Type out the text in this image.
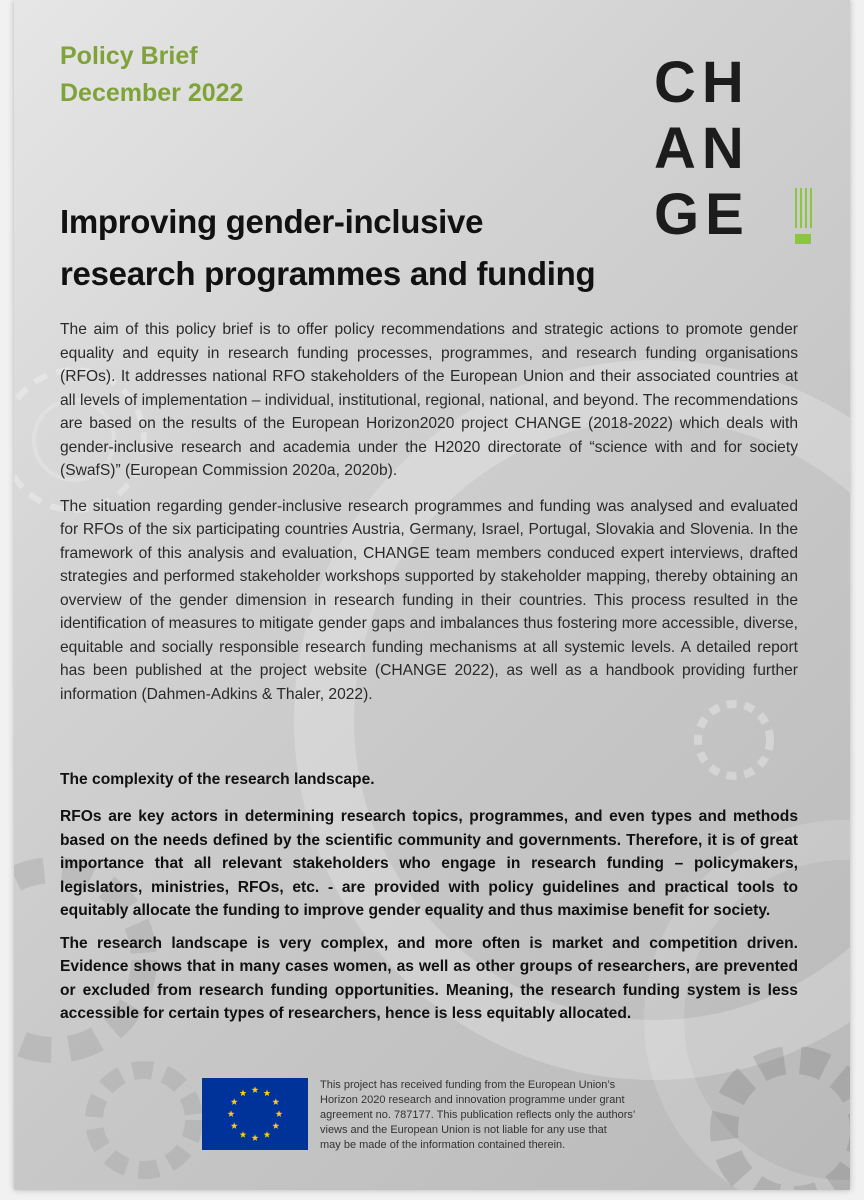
Policy Brief
December 2022	CH
AN
GE
Improving gender-inclusive
research programmes and funding

The aim of this policy brief is to offer policy recommendations and strategic actions to promote gender equality and equity in research funding processes, programmes, and research funding organisations (RFOs). It addresses national RFO stakeholders of the European Union and their associated countries at all levels of implementation – individual, institutional, regional, national, and beyond. The recommendations are based on the results of the European Horizon2020 project CHANGE (2018-2022) which deals with gender-inclusive research and academia under the H2020 directorate of “science with and for society (SwafS)” (European Commission 2020a, 2020b).

The situation regarding gender-inclusive research programmes and funding was analysed and evaluated for RFOs of the six participating countries Austria, Germany, Israel, Portugal, Slovakia and Slovenia. In the framework of this analysis and evaluation, CHANGE team members conduced expert interviews, drafted strategies and performed stakeholder workshops supported by stakeholder mapping, thereby obtaining an overview of the gender dimension in research funding in their countries. This process resulted in the identification of measures to mitigate gender gaps and imbalances thus fostering more accessible, diverse, equitable and socially responsible research funding mechanisms at all systemic levels. A detailed report has been published at the project website (CHANGE 2022), as well as a handbook providing further information (Dahmen-Adkins & Thaler, 2022).

The complexity of the research landscape.

RFOs are key actors in determining research topics, programmes, and even types and methods based on the needs defined by the scientific community and governments. Therefore, it is of great importance that all relevant stakeholders who engage in research funding – policymakers, legislators, ministries, RFOs, etc. - are provided with policy guidelines and practical tools to equitably allocate the funding to improve gender equality and thus maximise benefit for society.

The research landscape is very complex, and more often is market and competition driven. Evidence shows that in many cases women, as well as other groups of researchers, are prevented or excluded from research funding opportunities. Meaning, the research funding system is less accessible for certain types of researchers, hence is less equitably allocated.

This project has received funding from the European Union’s
Horizon 2020 research and innovation programme under grant
agreement no. 787177. This publication reflects only the authors’
views and the European Union is not liable for any use that
may be made of the information contained therein.
